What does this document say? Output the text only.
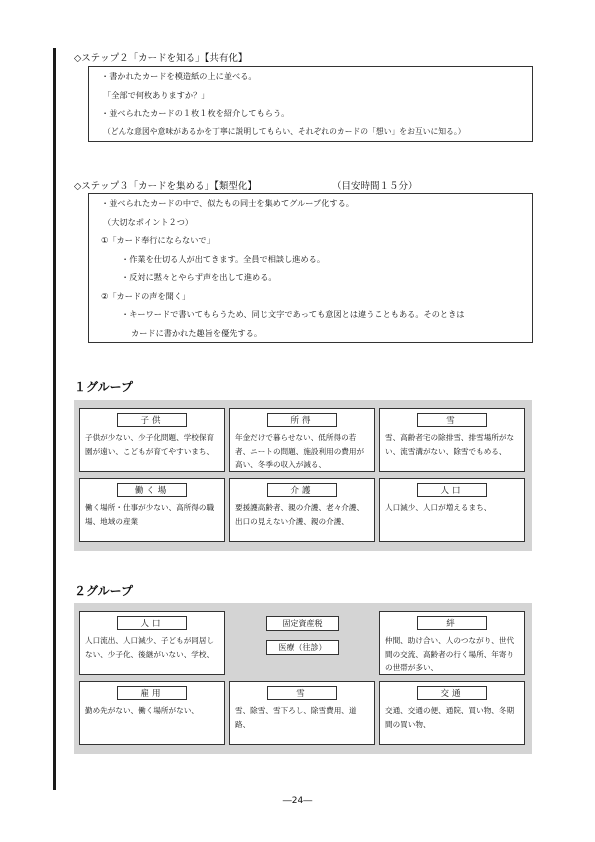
◇ステップ２「カードを知る」【共有化】
・書かれたカードを模造紙の上に並べる。
「全部で何枚ありますか？」
・並べられたカードの１枚１枚を紹介してもらう。
（どんな意図や意味があるかを丁寧に説明してもらい、それぞれのカードの「想い」をお互いに知る。）
◇ステップ３「カードを集める」【類型化】	（目安時間１５分）
・並べられたカードの中で、似たもの同士を集めてグループ化する。
（大切なポイント２つ）
①「カード奉行にならないで」
・作業を仕切る人が出てきます。全員で相談し進める。
・反対に黙々とやらず声を出して進める。
②「カードの声を聞く」
・キーワードで書いてもらうため、同じ文字であっても意図とは違うこともある。そのときは
カードに書かれた趣旨を優先する。
１グループ
子供
子供が少ない、少子化問題、学校保育園が遠い、こどもが育てやすいまち、
所得
年金だけで暮らせない、低所得の若者、ニートの問題、施設利用の費用が高い、冬季の収入が減る、
雪
雪、高齢者宅の除排雪、排雪場所がない、流雪溝がない、除雪でもめる、
働く場
働く場所・仕事が少ない、高所得の職場、地域の産業
介護
要援護高齢者、親の介護、老々介護、出口の見えない介護、親の介護、
人口
人口減少、人口が増えるまち、
２グループ
人口
人口流出、人口減少、子どもが同居しない、少子化、後継がいない、学校、
固定資産税
医療（往診）
絆
仲間、助け合い、人のつながり、世代間の交流、高齢者の行く場所、年寄りの世帯が多い、
雇用
勤め先がない、働く場所がない、
雪
雪、除雪、雪下ろし、除雪費用、道路、
交通
交通、交通の便、通院、買い物、冬期間の買い物、
―24―
